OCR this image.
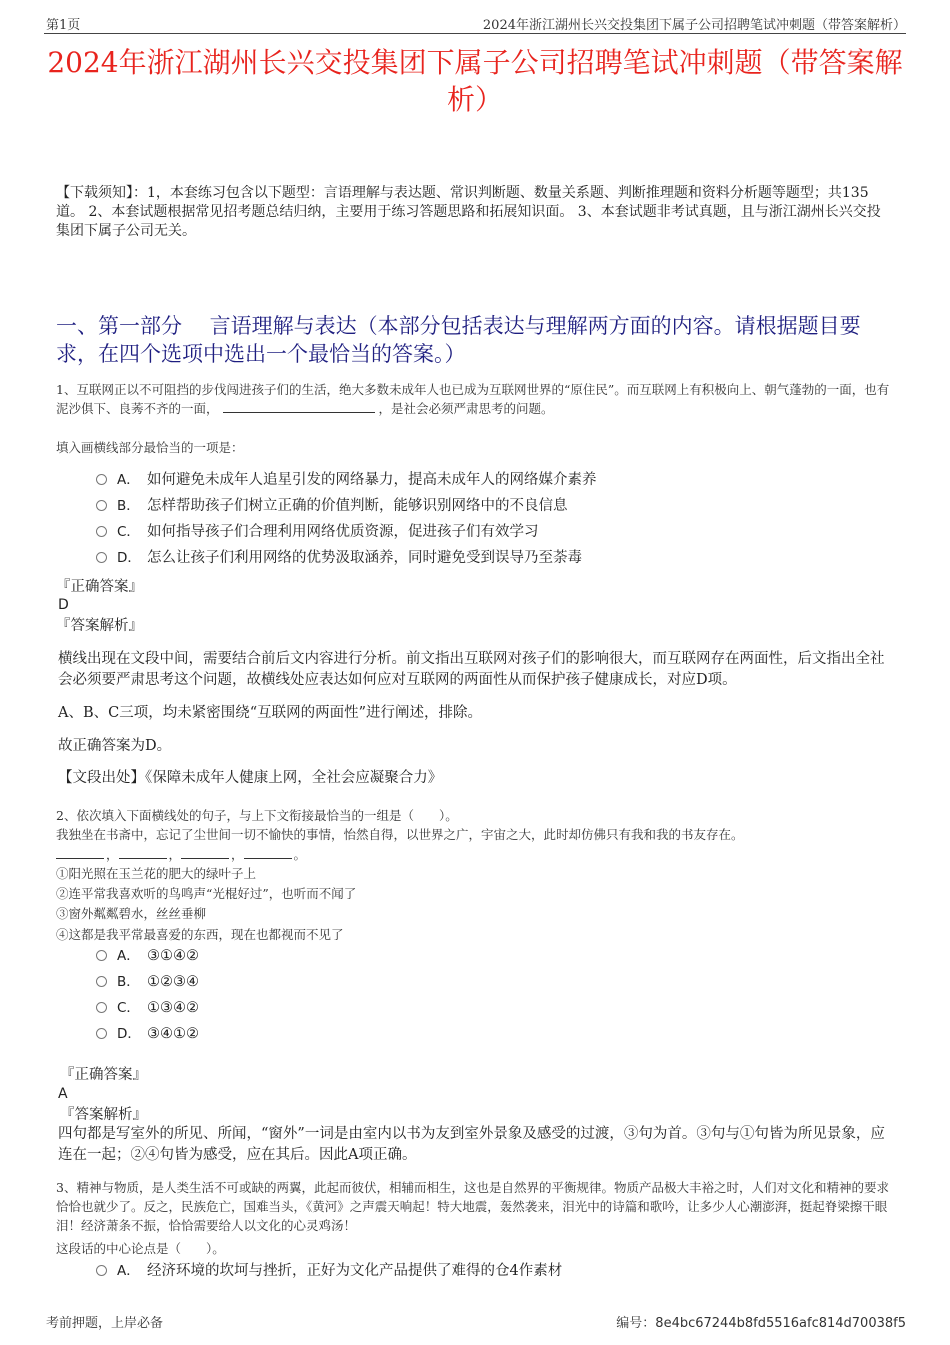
第1页	2024年浙江湖州长兴交投集团下属子公司招聘笔试冲刺题（带答案解析）
2024年浙江湖州长兴交投集团下属子公司招聘笔试冲刺题（带答案解析）
【下载须知】：1，本套练习包含以下题型：言语理解与表达题、常识判断题、数量关系题、判断推理题和资料分析题等题型；共135道。 2、本套试题根据常见招考题总结归纳，主要用于练习答题思路和拓展知识面。 3、本套试题非考试真题，且与浙江湖州长兴交投集团下属子公司无关。
一、第一部分　 言语理解与表达（本部分包括表达与理解两方面的内容。请根据题目要求，在四个选项中选出一个最恰当的答案。）
1、互联网正以不可阻挡的步伐闯进孩子们的生活，绝大多数未成年人也已成为互联网世界的“原住民”。而互联网上有积极向上、朝气蓬勃的一面，也有泥沙俱下、良莠不齐的一面，	，是社会必须严肃思考的问题。
填入画横线部分最恰当的一项是：
A． 如何避免未成年人追星引发的网络暴力，提高未成年人的网络媒介素养
B． 怎样帮助孩子们树立正确的价值判断，能够识别网络中的不良信息
C． 如何指导孩子们合理利用网络优质资源，促进孩子们有效学习
D． 怎么让孩子们利用网络的优势汲取涵养，同时避免受到误导乃至荼毒
『正确答案』
D
『答案解析』
横线出现在文段中间，需要结合前后文内容进行分析。前文指出互联网对孩子们的影响很大，而互联网存在两面性，后文指出全社会必须要严肃思考这个问题，故横线处应表达如何应对互联网的两面性从而保护孩子健康成长，对应D项。
A、B、C三项，均未紧密围绕“互联网的两面性”进行阐述，排除。
故正确答案为D。
【文段出处】《保障未成年人健康上网，全社会应凝聚合力》
2、依次填入下面横线处的句子，与上下文衔接最恰当的一组是（　　）。
我独坐在书斋中，忘记了尘世间一切不愉快的事情，怡然自得，以世界之广，宇宙之大，此时却仿佛只有我和我的书友存在。
，	，	，	。
①阳光照在玉兰花的肥大的绿叶子上
②连平常我喜欢听的鸟鸣声“光棍好过”，也听而不闻了
③窗外粼粼碧水，丝丝垂柳
④这都是我平常最喜爱的东西，现在也都视而不见了
A． ③①④②
B． ①②③④
C． ①③④②
D． ③④①②
『正确答案』
A
『答案解析』
四句都是写室外的所见、所闻，“窗外”一词是由室内以书为友到室外景象及感受的过渡，③句为首。③句与①句皆为所见景象，应连在一起；②④句皆为感受，应在其后。因此A项正确。
3、精神与物质，是人类生活不可或缺的两翼，此起而彼伏，相辅而相生，这也是自然界的平衡规律。物质产品极大丰裕之时，人们对文化和精神的要求恰恰也就少了。反之，民族危亡，国难当头，《黄河》之声震天响起！特大地震，轰然袭来，泪光中的诗篇和歌吟，让多少人心潮澎湃，挺起脊梁擦干眼泪！经济萧条不振，恰恰需要给人以文化的心灵鸡汤！
这段话的中心论点是（　　）。
A． 经济环境的坎坷与挫折，正好为文化产品提供了难得的仓4作素材
考前押题，上岸必备	编号：8e4bc67244b8fd5516afc814d70038f5
